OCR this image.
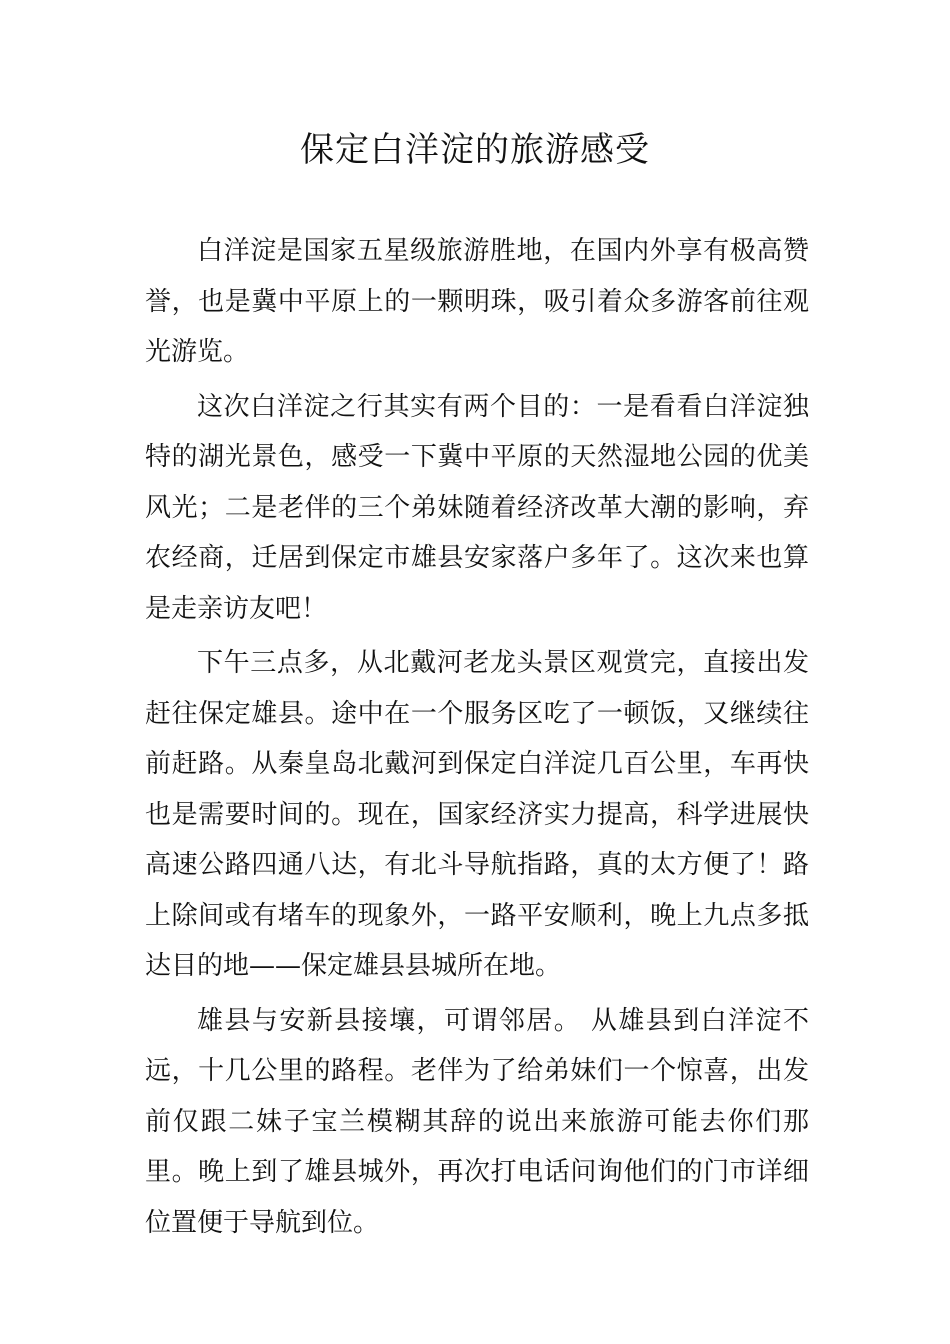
保定白洋淀的旅游感受

白洋淀是国家五星级旅游胜地，在国内外享有极高赞誉，也是冀中平原上的一颗明珠，吸引着众多游客前往观光游览。

这次白洋淀之行其实有两个目的：一是看看白洋淀独特的湖光景色，感受一下冀中平原的天然湿地公园的优美风光；二是老伴的三个弟妹随着经济改革大潮的影响，弃农经商，迁居到保定市雄县安家落户多年了。这次来也算是走亲访友吧！

下午三点多，从北戴河老龙头景区观赏完，直接出发赶往保定雄县。途中在一个服务区吃了一顿饭，又继续往前赶路。从秦皇岛北戴河到保定白洋淀几百公里，车再快也是需要时间的。现在，国家经济实力提高，科学进展快高速公路四通八达，有北斗导航指路，真的太方便了！路上除间或有堵车的现象外，一路平安顺利，晚上九点多抵达目的地——保定雄县县城所在地。

雄县与安新县接壤，可谓邻居。 从雄县到白洋淀不远，十几公里的路程。老伴为了给弟妹们一个惊喜，出发前仅跟二妹子宝兰模糊其辞的说出来旅游可能去你们那里。晚上到了雄县城外，再次打电话问询他们的门市详细位置便于导航到位。
